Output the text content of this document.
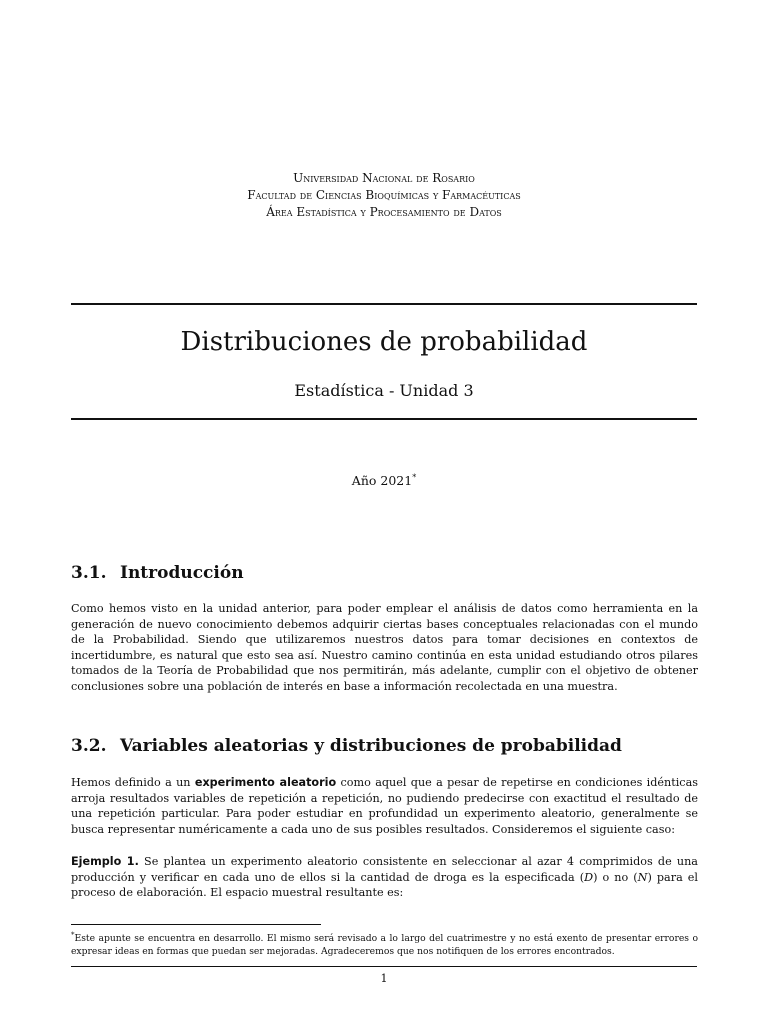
Universidad Nacional de Rosario
Facultad de Ciencias Bioquímicas y Farmacéuticas
Área Estadística y Procesamiento de Datos
Distribuciones de probabilidad
Estadística - Unidad 3
Año 2021*
3.1. Introducción

Como hemos visto en la unidad anterior, para poder emplear el análisis de datos como herramienta en la generación de nuevo conocimiento debemos adquirir ciertas bases conceptuales relacionadas con el mundo de la Probabilidad. Siendo que utilizaremos nuestros datos para tomar decisiones en contextos de incertidumbre, es natural que esto sea así. Nuestro camino continúa en esta unidad estudiando otros pilares tomados de la Teoría de Probabilidad que nos permitirán, más adelante, cumplir con el objetivo de obtener conclusiones sobre una población de interés en base a información recolectada en una muestra.

3.2. Variables aleatorias y distribuciones de probabilidad

Hemos definido a un experimento aleatorio como aquel que a pesar de repetirse en condiciones idénticas arroja resultados variables de repetición a repetición, no pudiendo predecirse con exactitud el resultado de una repetición particular. Para poder estudiar en profundidad un experimento aleatorio, generalmente se busca representar numéricamente a cada uno de sus posibles resultados. Consideremos el siguiente caso:

Ejemplo 1. Se plantea un experimento aleatorio consistente en seleccionar al azar 4 comprimidos de una producción y verificar en cada uno de ellos si la cantidad de droga es la especificada (D) o no (N) para el proceso de elaboración. El espacio muestral resultante es:

*Este apunte se encuentra en desarrollo. El mismo será revisado a lo largo del cuatrimestre y no está exento de presentar errores o expresar ideas en formas que puedan ser mejoradas. Agradeceremos que nos notifiquen de los errores encontrados.

1
